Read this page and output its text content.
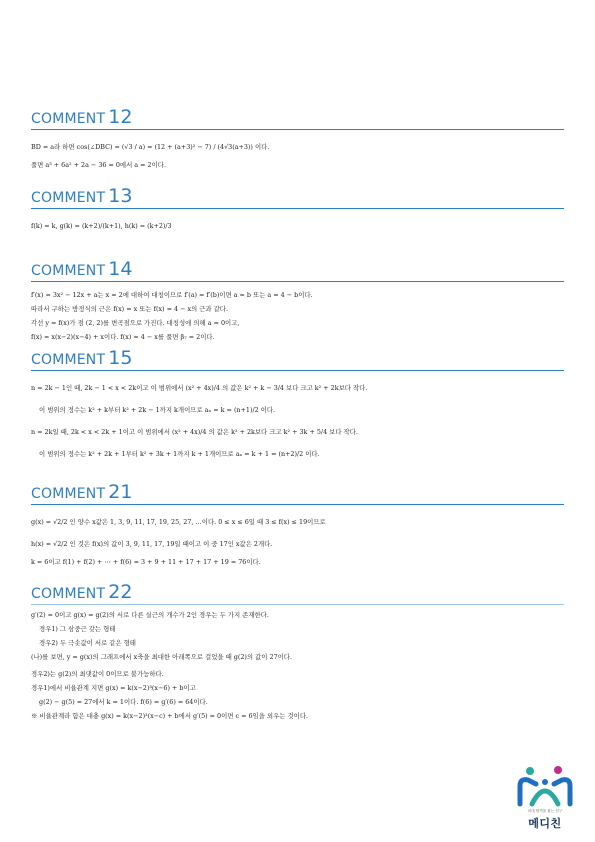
COMMENT 12
BD = a라 하면 cos(∠DBC) = (√3 / a) = (12 + (a+3)² − 7) / (4√3(a+3)) 이다.
풀면 a³ + 6a² + 2a − 36 = 0에서 a = 2이다.
COMMENT 13
f(k) = k, g(k) = (k+2)/(k+1), h(k) = (k+2)/3
COMMENT 14
f′(x) = 3x² − 12x + a는 x = 2에 대하여 대칭이므로 f′(a) = f′(b)이면 a = b 또는 a = 4 − b이다.
따라서 구하는 방정식의 근은 f(x) = x 또는 f(x) = 4 − x의 근과 같다.
각선 y = f(x)가 점 (2, 2)를 변곡점으로 가진다. 대칭성에 의해 a = 0이고,
f(x) = x(x−2)(x−4) + x이다. f(x) = 4 − x를 풀면 β₇ = 2이다.
COMMENT 15
n = 2k − 1인 때, 2k − 1 < x < 2k이고 이 범위에서 (x² + 4x)/4 의 값은 k² + k − 3/4 보다 크고 k² + 2k보다 작다.
이 범위의 정수는 k² + k부터 k² + 2k − 1까지 k개이므로 aₙ = k = (n+1)/2 이다.
n = 2k일 때, 2k < x < 2k + 1이고 이 범위에서 (x² + 4x)/4 의 값은 k² + 2k보다 크고 k² + 3k + 5/4 보다 작다.
이 범위의 정수는 k² + 2k + 1부터 k² + 3k + 1까지 k + 1개이므로 aₙ = k + 1 = (n+2)/2 이다.
COMMENT 21
g(x) = √2/2 인 양수 x값은 1, 3, 9, 11, 17, 19, 25, 27, …이다. 0 ≤ x ≤ 6일 때 3 ≤ f(x) ≤ 19이므로
h(x) = √2/2 인 것은 f(x)의 값이 3, 9, 11, 17, 19일 때이고 이 중 17인 x값은 2개다.
k = 6이고 f(1) + f(2) + ⋯ + f(6) = 3 + 9 + 11 + 17 + 17 + 19 = 76이다.
COMMENT 22
g′(2) = 0이고 g(x) = g(2)의 서로 다른 실근의 개수가 2인 경우는 두 가지 존재한다.
경우1) 그 삼중근 갖는 형태
경우2) 두 극솟값이 서로 같은 형태
(나)를 보면, y = g(x)의 그래프에서 x축을 최대한 아래쪽으로 걸었을 때 g(2)의 값이 27이다.
경우2)는 g(2)의 최댓값이 0이므로 불가능하다.
경우1)에서 비율관계 지면 g(x) = k(x−2)³(x−6) + b이고
g(2) − g(5) = 27에서 k = 1이다. f(6) = g′(6) = 64이다.
※ 비율관계라 함은 대충 g(x) = k(x−2)³(x−c) + b에서 g′(5) = 0이면 c = 6임을 외우는 것이다.
의대 합격을 잡는 친구
메디친
